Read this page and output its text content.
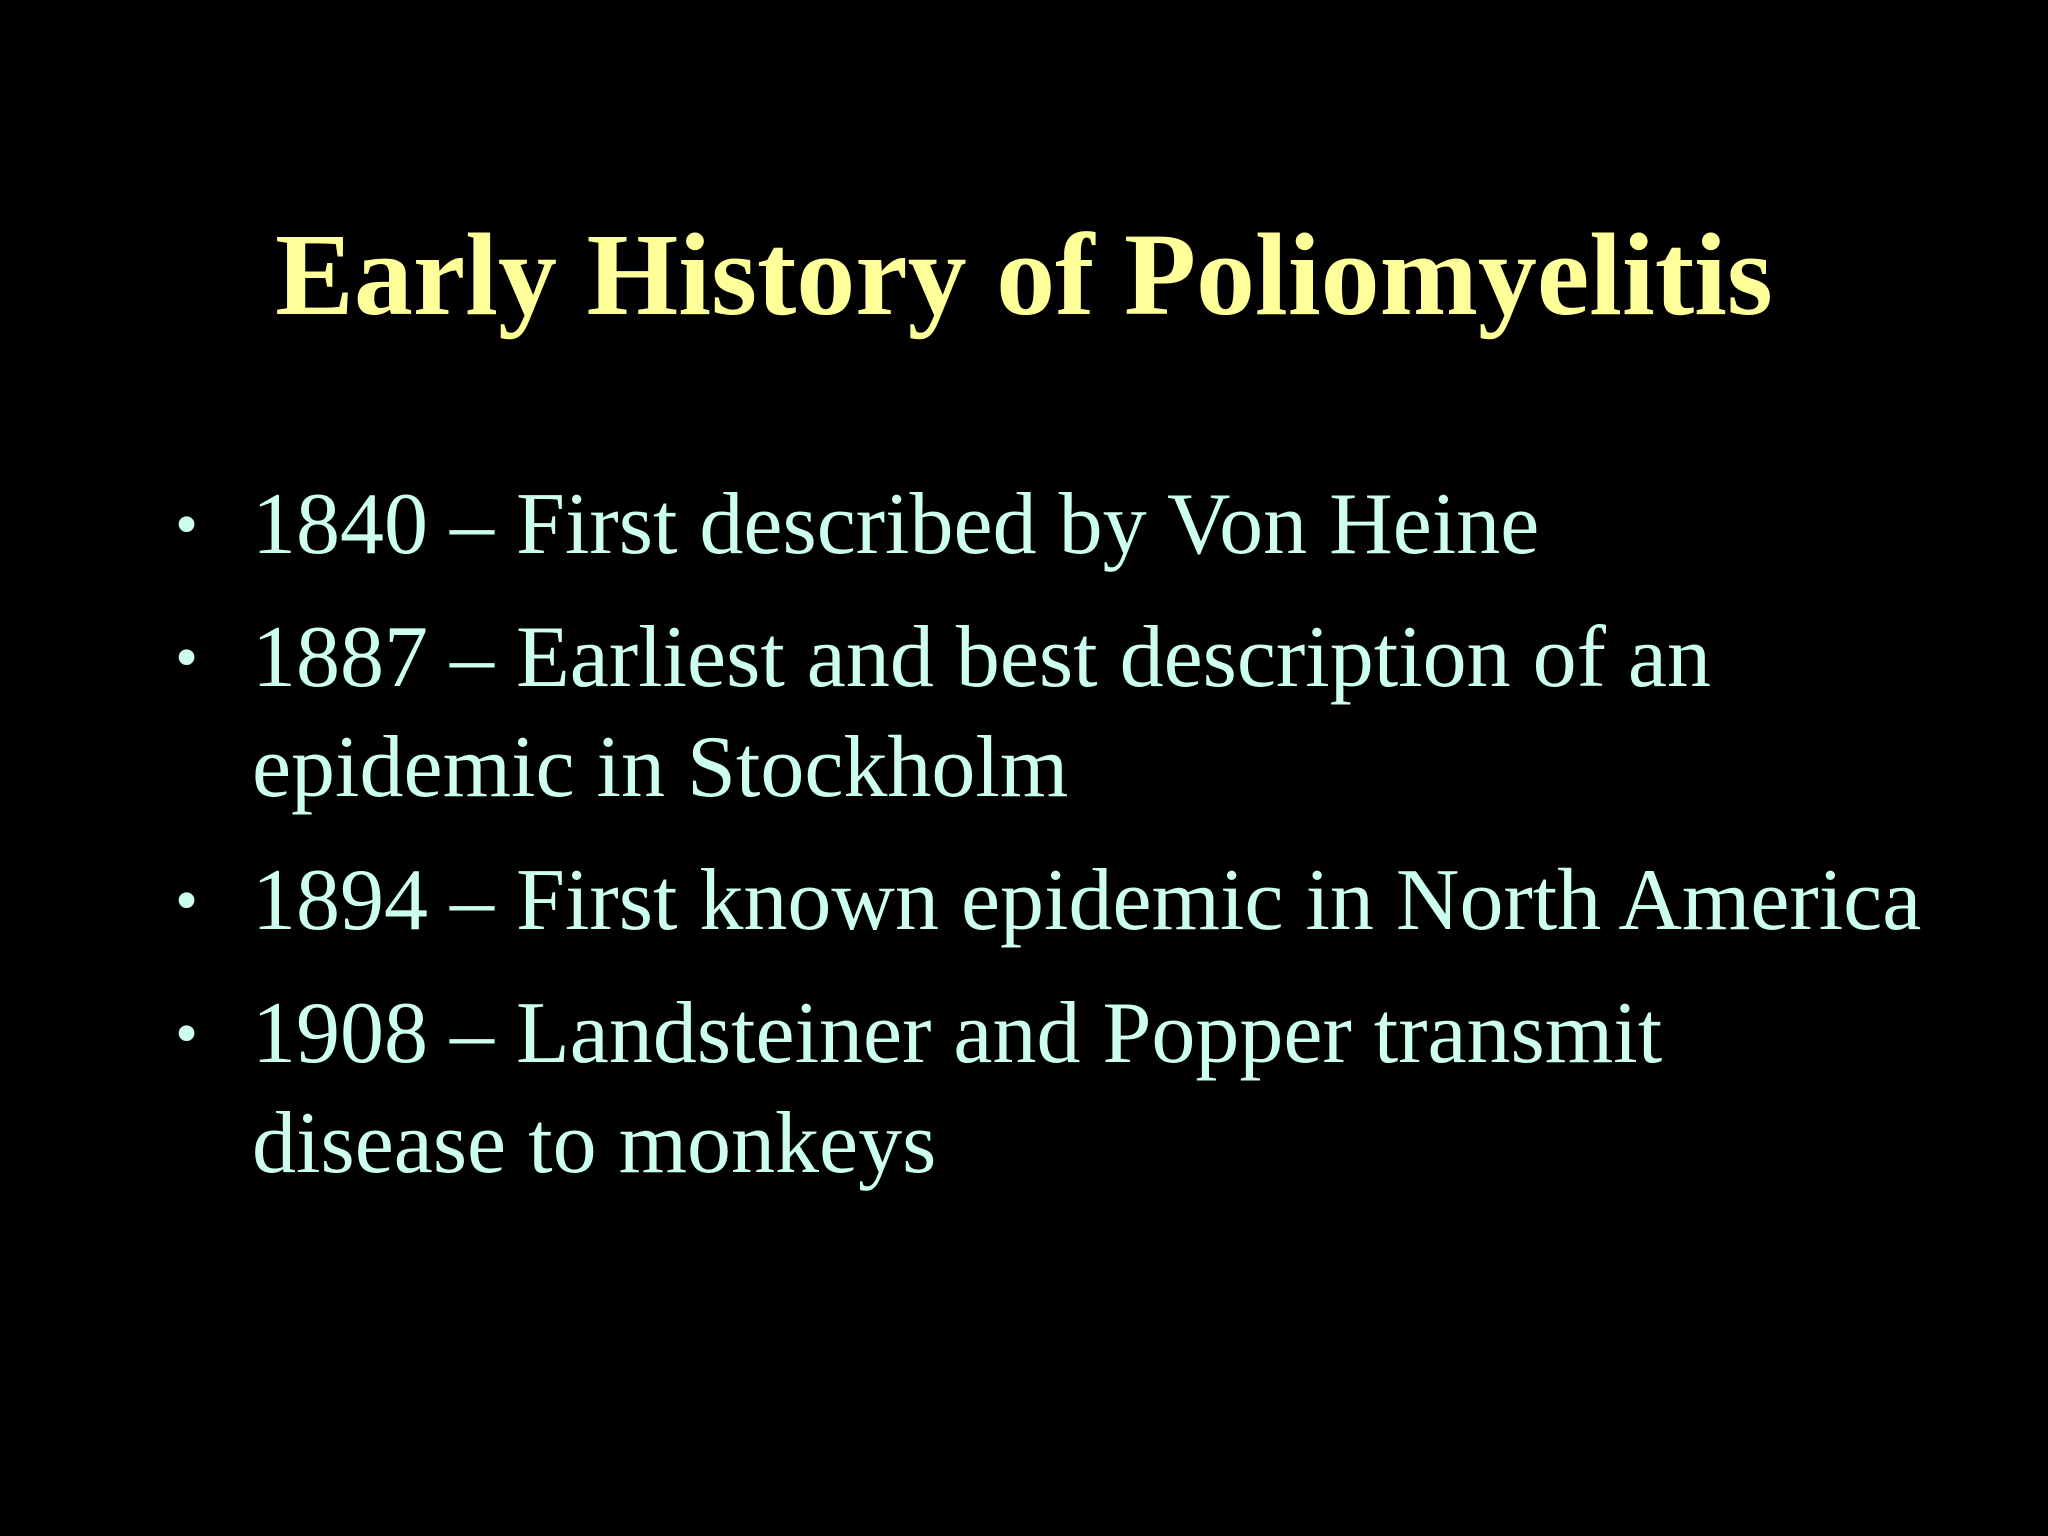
Early History of Poliomyelitis
• 1840 – First described by Von Heine
• 1887 – Earliest and best description of an epidemic in Stockholm
• 1894 – First known epidemic in North America
• 1908 – Landsteiner and Popper transmit disease to monkeys
